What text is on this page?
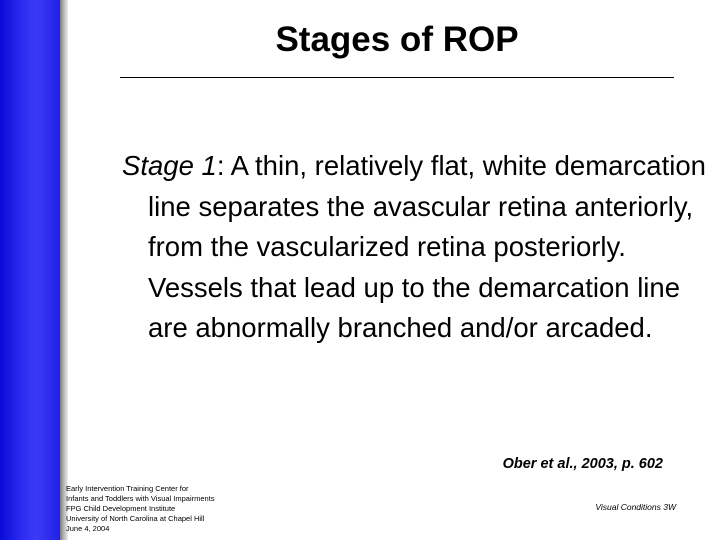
Stages of ROP

Stage 1: A thin, relatively flat, white demarcation line separates the avascular retina anteriorly, from the vascularized retina posteriorly. Vessels that lead up to the demarcation line are abnormally branched and/or arcaded.

Ober et al., 2003, p. 602

Early Intervention Training Center for
Infants and Toddlers with Visual Impairments
FPG Child Development Institute
University of North Carolina at Chapel Hill
June 4, 2004
Visual Conditions 3W
